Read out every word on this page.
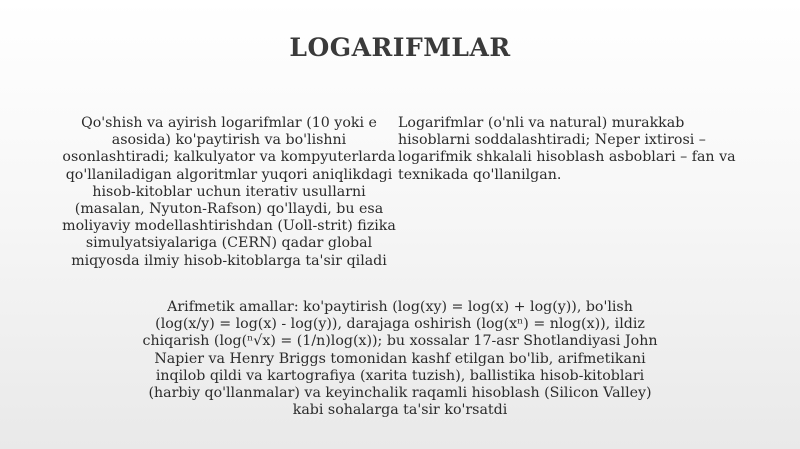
LOGARIFMLAR

Qo'shish va ayirish logarifmlar (10 yoki e asosida) ko'paytirish va bo'lishni osonlashtiradi; kalkulyator va kompyuterlarda qo'llaniladigan algoritmlar yuqori aniqlikdagi hisob-kitoblar uchun iterativ usullarni (masalan, Nyuton-Rafson) qo'llaydi, bu esa moliyaviy modellashtirishdan (Uoll-strit) fizika simulyatsiyalariga (CERN) qadar global miqyosda ilmiy hisob-kitoblarga ta'sir qiladi

Logarifmlar (o'nli va natural) murakkab hisoblarni soddalashtiradi; Neper ixtirosi – logarifmik shkalali hisoblash asboblari – fan va texnikada qo'llanilgan.

Arifmetik amallar: ko'paytirish (log(xy) = log(x) + log(y)), bo'lish (log(x/y) = log(x) - log(y)), darajaga oshirish (log(xⁿ) = nlog(x)), ildiz chiqarish (log(ⁿ√x) = (1/n)log(x)); bu xossalar 17-asr Shotlandiyasi John Napier va Henry Briggs tomonidan kashf etilgan bo'lib, arifmetikani inqilob qildi va kartografiya (xarita tuzish), ballistika hisob-kitoblari (harbiy qo'llanmalar) va keyinchalik raqamli hisoblash (Silicon Valley) kabi sohalarga ta'sir ko'rsatdi
